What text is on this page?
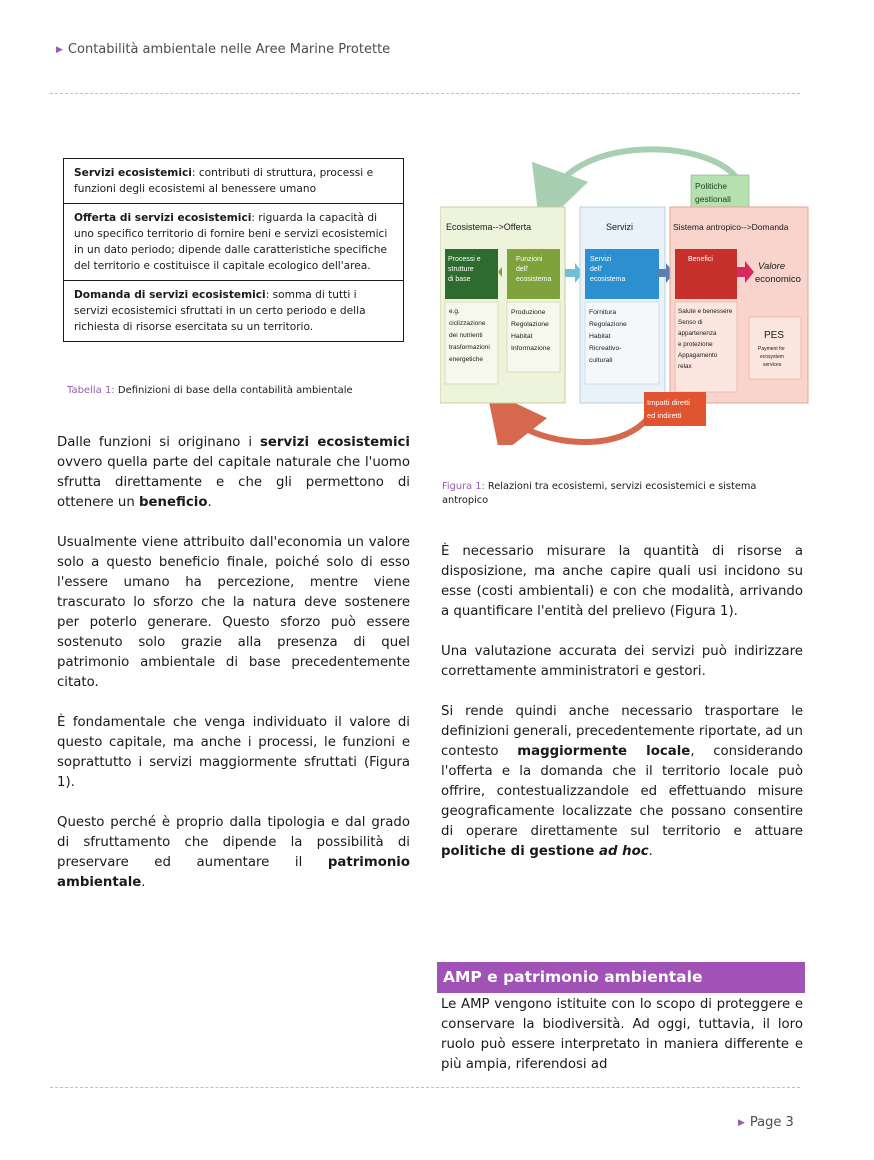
▶ Contabilità ambientale nelle Aree Marine Protette
Servizi ecosistemici: contributi di struttura, processi e funzioni degli ecosistemi al benessere umano
Offerta di servizi ecosistemici: riguarda la capacità di uno specifico territorio di fornire beni e servizi ecosistemici in un dato periodo; dipende dalle caratteristiche specifiche del territorio e costituisce il capitale ecologico dell'area.
Domanda di servizi ecosistemici: somma di tutti i servizi ecosistemici sfruttati in un certo periodo e della richiesta di risorse esercitata su un territorio.
Tabella 1: Definizioni di base della contabilità ambientale
Politiche
gestionali
Ecosistema-->Offerta
Processi e
strutture
di base
Funzioni
dell'
ecosistema
e.g.
ciclizzazione
dei nutrienti
trasformazioni
energetiche
Produzione
Regolazione
Habitat
Informazione
Servizi
Servizi
dell'
ecosistema
Fornitura
Regolazione
Habitat
Ricreativo-
culturali
Sistema antropico-->Domanda
Benefici
Valore
economico
Salute e benessere
Senso di
appartenenza
e protezione
Appagamento
relax
PES
Payment for
ecosystem
services
Impatti diretti
ed indiretti
Figura 1: Relazioni tra ecosistemi, servizi ecosistemici e sistema antropico

Dalle funzioni si originano i servizi ecosistemici ovvero quella parte del capitale naturale che l'uomo sfrutta direttamente e che gli permettono di ottenere un beneficio.

Usualmente viene attribuito dall'economia un valore solo a questo beneficio finale, poiché solo di esso l'essere umano ha percezione, mentre viene trascurato lo sforzo che la natura deve sostenere per poterlo generare. Questo sforzo può essere sostenuto solo grazie alla presenza di quel patrimonio ambientale di base precedentemente citato.

È fondamentale che venga individuato il valore di questo capitale, ma anche i processi, le funzioni e soprattutto i servizi maggiormente sfruttati (Figura 1).

Questo perché è proprio dalla tipologia e dal grado di sfruttamento che dipende la possibilità di preservare ed aumentare il patrimonio ambientale.

È necessario misurare la quantità di risorse a disposizione, ma anche capire quali usi incidono su esse (costi ambientali) e con che modalità, arrivando a quantificare l'entità del prelievo (Figura 1).

Una valutazione accurata dei servizi può indirizzare correttamente amministratori e gestori.

Si rende quindi anche necessario trasportare le definizioni generali, precedentemente riportate, ad un contesto maggiormente locale, considerando l'offerta e la domanda che il territorio locale può offrire, contestualizzandole ed effettuando misure geograficamente localizzate che possano consentire di operare direttamente sul territorio e attuare politiche di gestione ad hoc.

AMP e patrimonio ambientale

Le AMP vengono istituite con lo scopo di proteggere e conservare la biodiversità. Ad oggi, tuttavia, il loro ruolo può essere interpretato in maniera differente e più ampia, riferendosi ad

▶ Page 3
